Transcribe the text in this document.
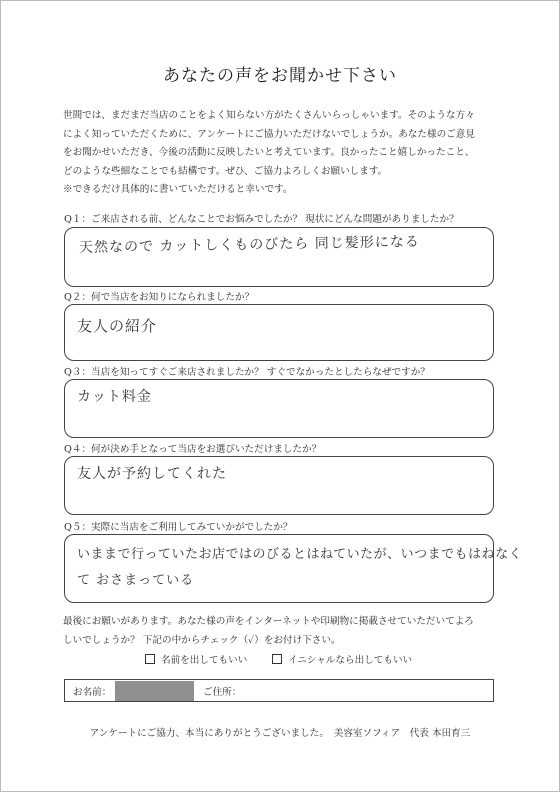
あなたの声をお聞かせ下さい

世間では、まだまだ当店のことをよく知らない方がたくさんいらっしゃいます。そのような方々

によく知っていただくために、アンケートにご協力いただけないでしょうか。あなた様のご意見

をお聞かせいただき、今後の活動に反映したいと考えています。良かったこと嬉しかったこと、

どのような些細なことでも結構です。ぜひ、ご協力よろしくお願いします。

※できるだけ具体的に書いていただけると幸いです。

Q１：ご来店される前、どんなことでお悩みでしたか？ 現状にどんな問題がありましたか？
天然なので カットしくものびたら 同じ髪形になる
Q２：何で当店をお知りになられましたか？
友人の紹介
Q３：当店を知ってすぐご来店されましたか？ すぐでなかったとしたらなぜですか？
カット料金
Q４：何が決め手となって当店をお選びいただけましたか？
友人が予約してくれた
Q５：実際に当店をご利用してみていかがでしたか？
いままで行っていたお店ではのびるとはねていたが、いつまでもはねなく
て おさまっている

最後にお願いがあります。あなた様の声をインターネットや印刷物に掲載させていただいてよろ

しいでしょうか？ 下記の中からチェック（✓）をお付け下さい。

名前を出してもいい	イニシャルなら出してもいい
お名前：	ご住所：
アンケートにご協力、本当にありがとうございました。　美容室ソフィア　代表 本田育三
